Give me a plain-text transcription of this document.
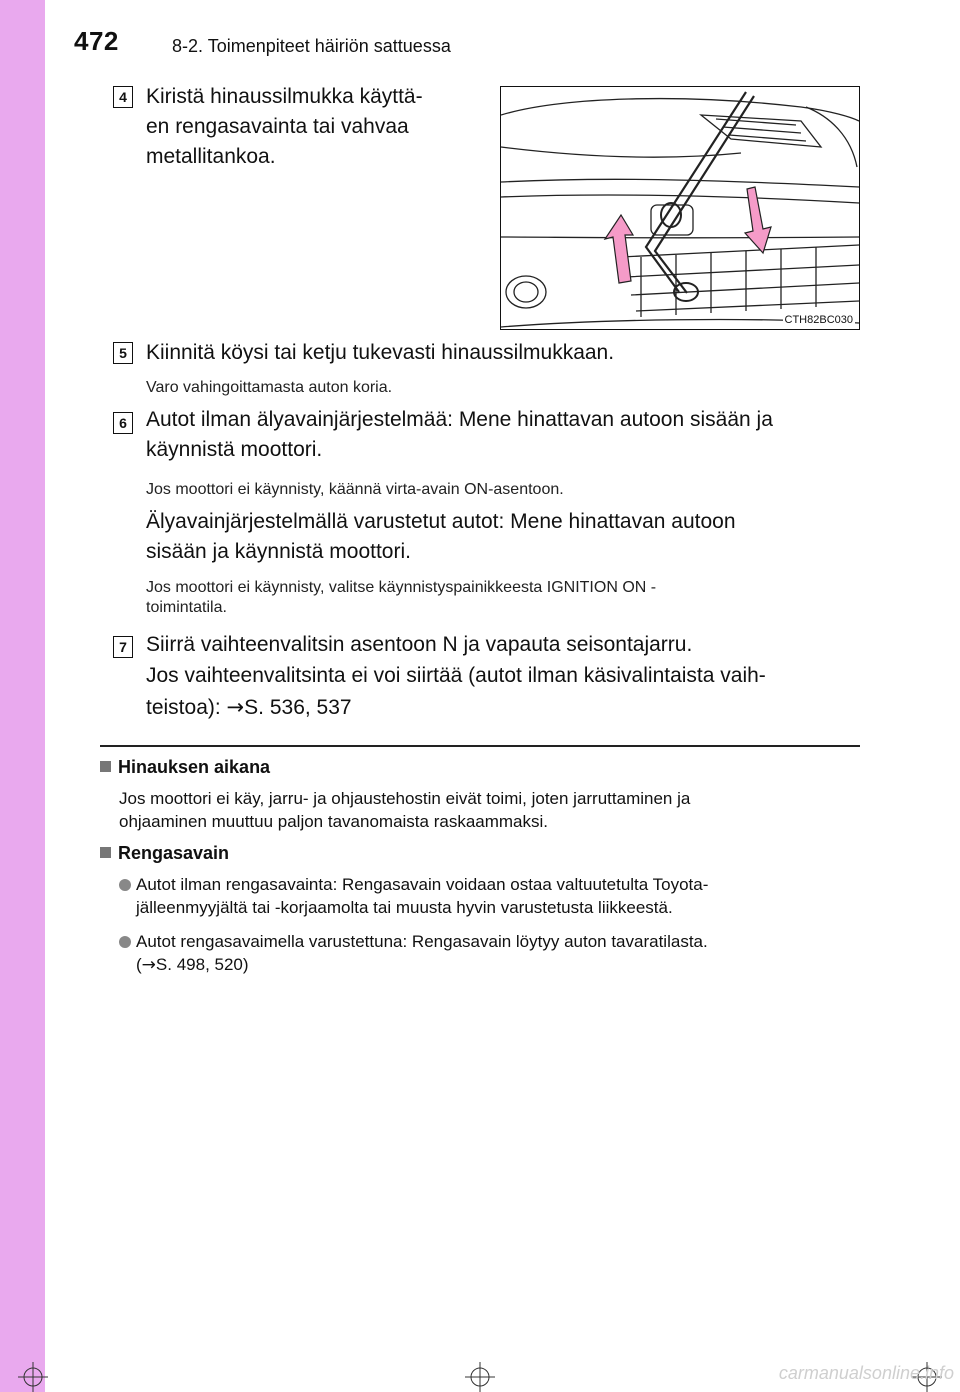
472	8-2. Toimenpiteet häiriön sattuessa
4 Kiristä hinaussilmukka käyttä-
en rengasavainta tai vahvaa
metallitankoa.
CTH82BC030
5 Kiinnitä köysi tai ketju tukevasti hinaussilmukkaan.
Varo vahingoittamasta auton koria.
6 Autot ilman älyavainjärjestelmää: Mene hinattavan autoon sisään ja
käynnistä moottori.
Jos moottori ei käynnisty, käännä virta-avain ON-asentoon.
Älyavainjärjestelmällä varustetut autot: Mene hinattavan autoon
sisään ja käynnistä moottori.
Jos moottori ei käynnisty, valitse käynnistyspainikkeesta IGNITION ON -
toimintatila.
7 Siirrä vaihteenvalitsin asentoon N ja vapauta seisontajarru.
Jos vaihteenvalitsinta ei voi siirtää (autot ilman käsivalintaista vaih-
teistoa): →S. 536, 537
Hinauksen aikana
Jos moottori ei käy, jarru- ja ohjaustehostin eivät toimi, joten jarruttaminen ja
ohjaaminen muuttuu paljon tavanomaista raskaammaksi.
Rengasavain
Autot ilman rengasavainta: Rengasavain voidaan ostaa valtuutetulta Toyota-
jälleenmyyjältä tai -korjaamolta tai muusta hyvin varustetusta liikkeestä.
Autot rengasavaimella varustettuna: Rengasavain löytyy auton tavaratilasta.
(→S. 498, 520)
carmanualsonline.info
